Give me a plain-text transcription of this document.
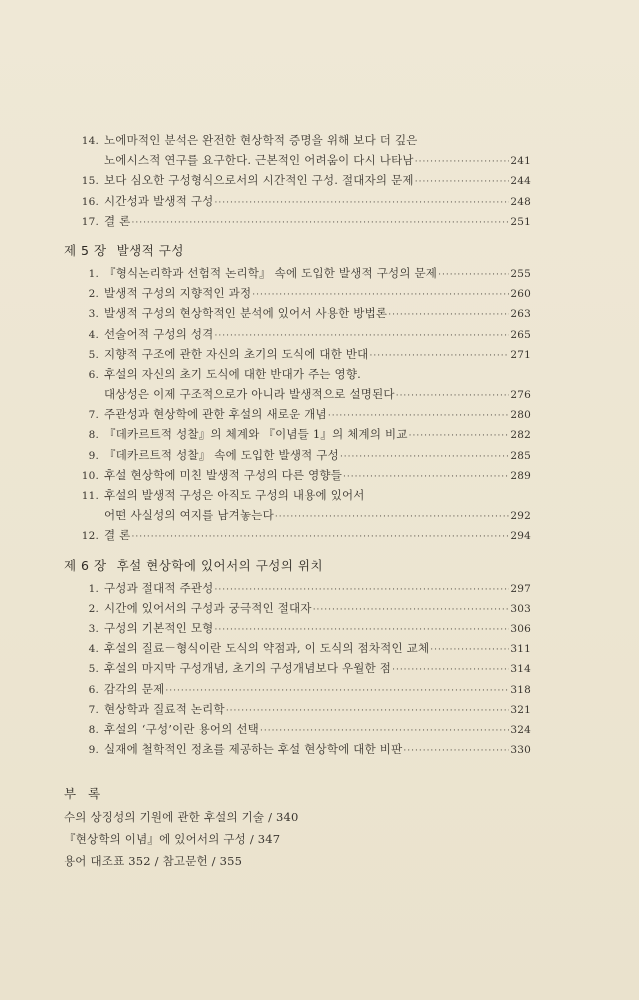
14. 노에마적인 분석은 완전한 현상학적 증명을 위해 보다 더 깊은
노에시스적 연구를 요구한다. 근본적인 어려움이 다시 나타남 ·····	241
15. 보다 심오한 구성형식으로서의 시간적인 구성. 절대자의 문제 ·····	244
16. 시간성과 발생적 구성 ·····	248
17. 결 론 ·····	251
제 5 장 발생적 구성
1. 『형식논리학과 선험적 논리학』 속에 도입한 발생적 구성의 문제 ·····	255
2. 발생적 구성의 지향적인 과정 ·····	260
3. 발생적 구성의 현상학적인 분석에 있어서 사용한 방법론 ·····	263
4. 선술어적 구성의 성격 ·····	265
5. 지향적 구조에 관한 자신의 초기의 도식에 대한 반대 ·····	271
6. 후설의 자신의 초기 도식에 대한 반대가 주는 영향.
대상성은 이제 구조적으로가 아니라 발생적으로 설명된다 ·····	276
7. 주관성과 현상학에 관한 후설의 새로운 개념 ·····	280
8. 『데카르트적 성찰』의 체계와 『이념들 1』의 체계의 비교 ·····	282
9. 『데카르트적 성찰』 속에 도입한 발생적 구성 ·····	285
10. 후설 현상학에 미친 발생적 구성의 다른 영향들 ·····	289
11. 후설의 발생적 구성은 아직도 구성의 내용에 있어서
어떤 사실성의 여지를 남겨놓는다 ·····	292
12. 결 론 ·····	294
제 6 장 후설 현상학에 있어서의 구성의 위치
1. 구성과 절대적 주관성 ·····	297
2. 시간에 있어서의 구성과 궁극적인 절대자 ·····	303
3. 구성의 기본적인 모형 ·····	306
4. 후설의 질료－형식이란 도식의 약점과, 이 도식의 점차적인 교체 ·····	311
5. 후설의 마지막 구성개념, 초기의 구성개념보다 우월한 점 ·····	314
6. 감각의 문제 ·····	318
7. 현상학과 질료적 논리학 ·····	321
8. 후설의 ‘구성’이란 용어의 선택 ·····	324
9. 실재에 철학적인 정초를 제공하는 후설 현상학에 대한 비판 ·····	330
부록
수의 상징성의 기원에 관한 후설의 기술 / 340
『현상학의 이념』에 있어서의 구성 / 347
용어 대조표 352 / 참고문헌 / 355
